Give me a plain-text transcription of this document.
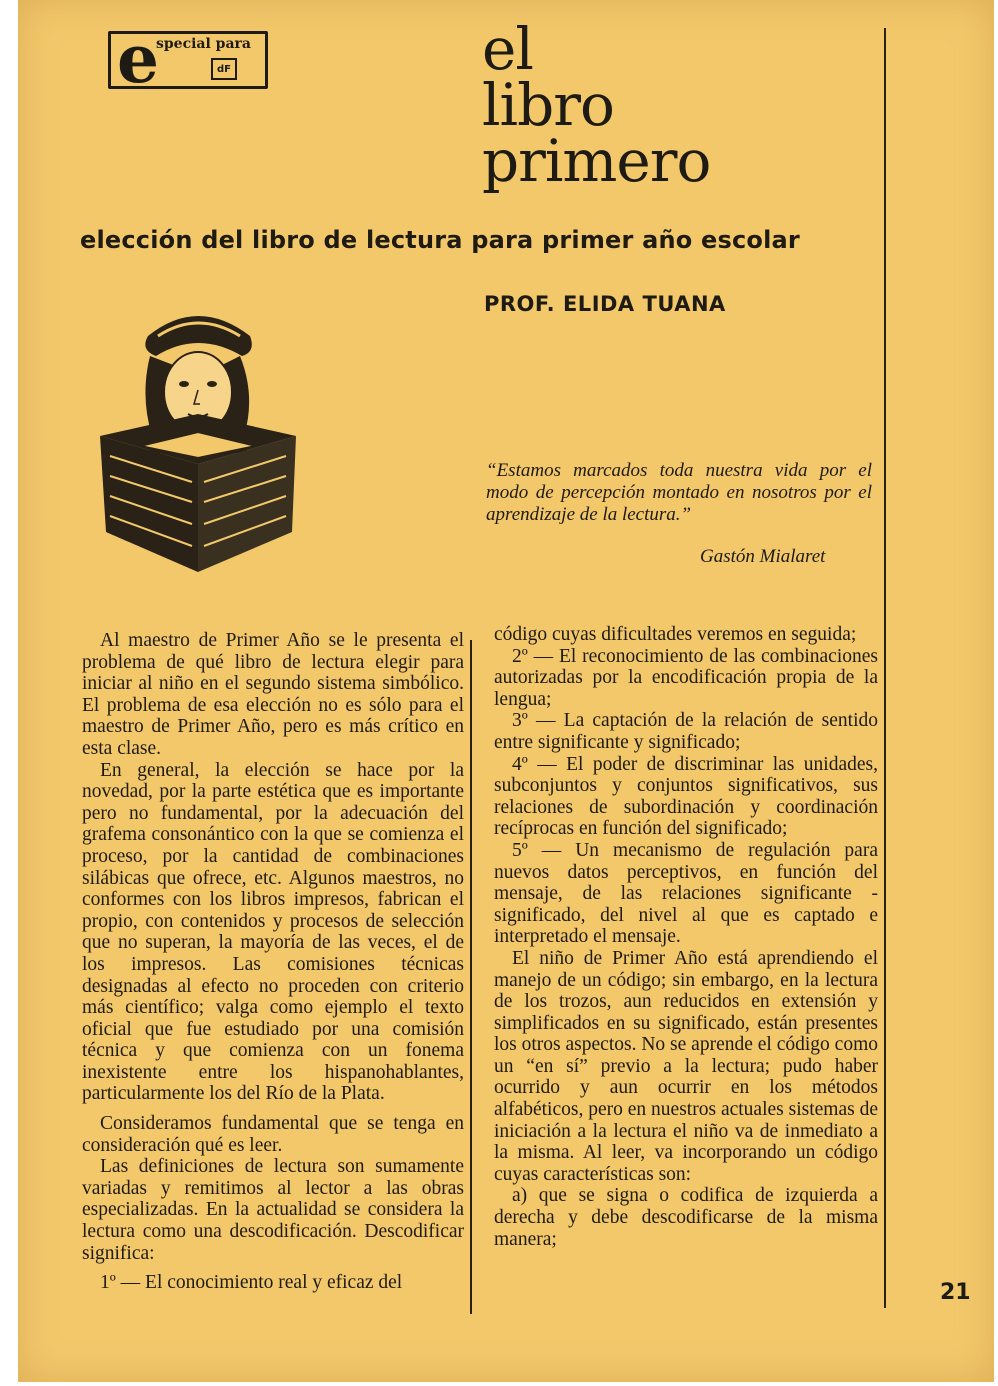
e
special para
dF	el
libro
primero
elección del libro de lectura para primer año escolar
PROF. ELIDA TUANA
“Estamos marcados toda nuestra vida por el modo de percepción montado en nosotros por el aprendizaje de la lectura.”
Gastón Mialaret

Al maestro de Primer Año se le presenta el problema de qué libro de lectura elegir para iniciar al niño en el segundo sistema simbólico. El problema de esa elección no es sólo para el maestro de Primer Año, pero es más crítico en esta clase.

En general, la elección se hace por la novedad, por la parte estética que es importante pero no fundamental, por la adecuación del grafema consonántico con la que se comienza el proceso, por la cantidad de combinaciones silábicas que ofrece, etc. Algunos maestros, no conformes con los libros impresos, fabrican el propio, con contenidos y procesos de selección que no superan, la mayoría de las veces, el de los impresos. Las comisiones técnicas designadas al efecto no proceden con criterio más científico; valga como ejemplo el texto oficial que fue estudiado por una comisión técnica y que comienza con un fonema inexistente entre los hispanohablantes, particularmente los del Río de la Plata.

Consideramos fundamental que se tenga en consideración qué es leer.

Las definiciones de lectura son sumamente variadas y remitimos al lector a las obras especializadas. En la actualidad se considera la lectura como una descodificación. Descodificar significa:

1º — El conocimiento real y eficaz del

código cuyas dificultades veremos en seguida;

2º — El reconocimiento de las combinaciones autorizadas por la encodificación propia de la lengua;

3º — La captación de la relación de sentido entre significante y significado;

4º — El poder de discriminar las unidades, subconjuntos y conjuntos significativos, sus relaciones de subordinación y coordinación recíprocas en función del significado;

5º — Un mecanismo de regulación para nuevos datos perceptivos, en función del mensaje, de las relaciones significante - significado, del nivel al que es captado e interpretado el mensaje.

El niño de Primer Año está aprendiendo el manejo de un código; sin embargo, en la lectura de los trozos, aun reducidos en extensión y simplificados en su significado, están presentes los otros aspectos. No se aprende el código como un “en sí” previo a la lectura; pudo haber ocurrido y aun ocurrir en los métodos alfabéticos, pero en nuestros actuales sistemas de iniciación a la lectura el niño va de inmediato a la misma. Al leer, va incorporando un código cuyas características son:

a) que se signa o codifica de izquierda a derecha y debe descodificarse de la misma manera;

21
